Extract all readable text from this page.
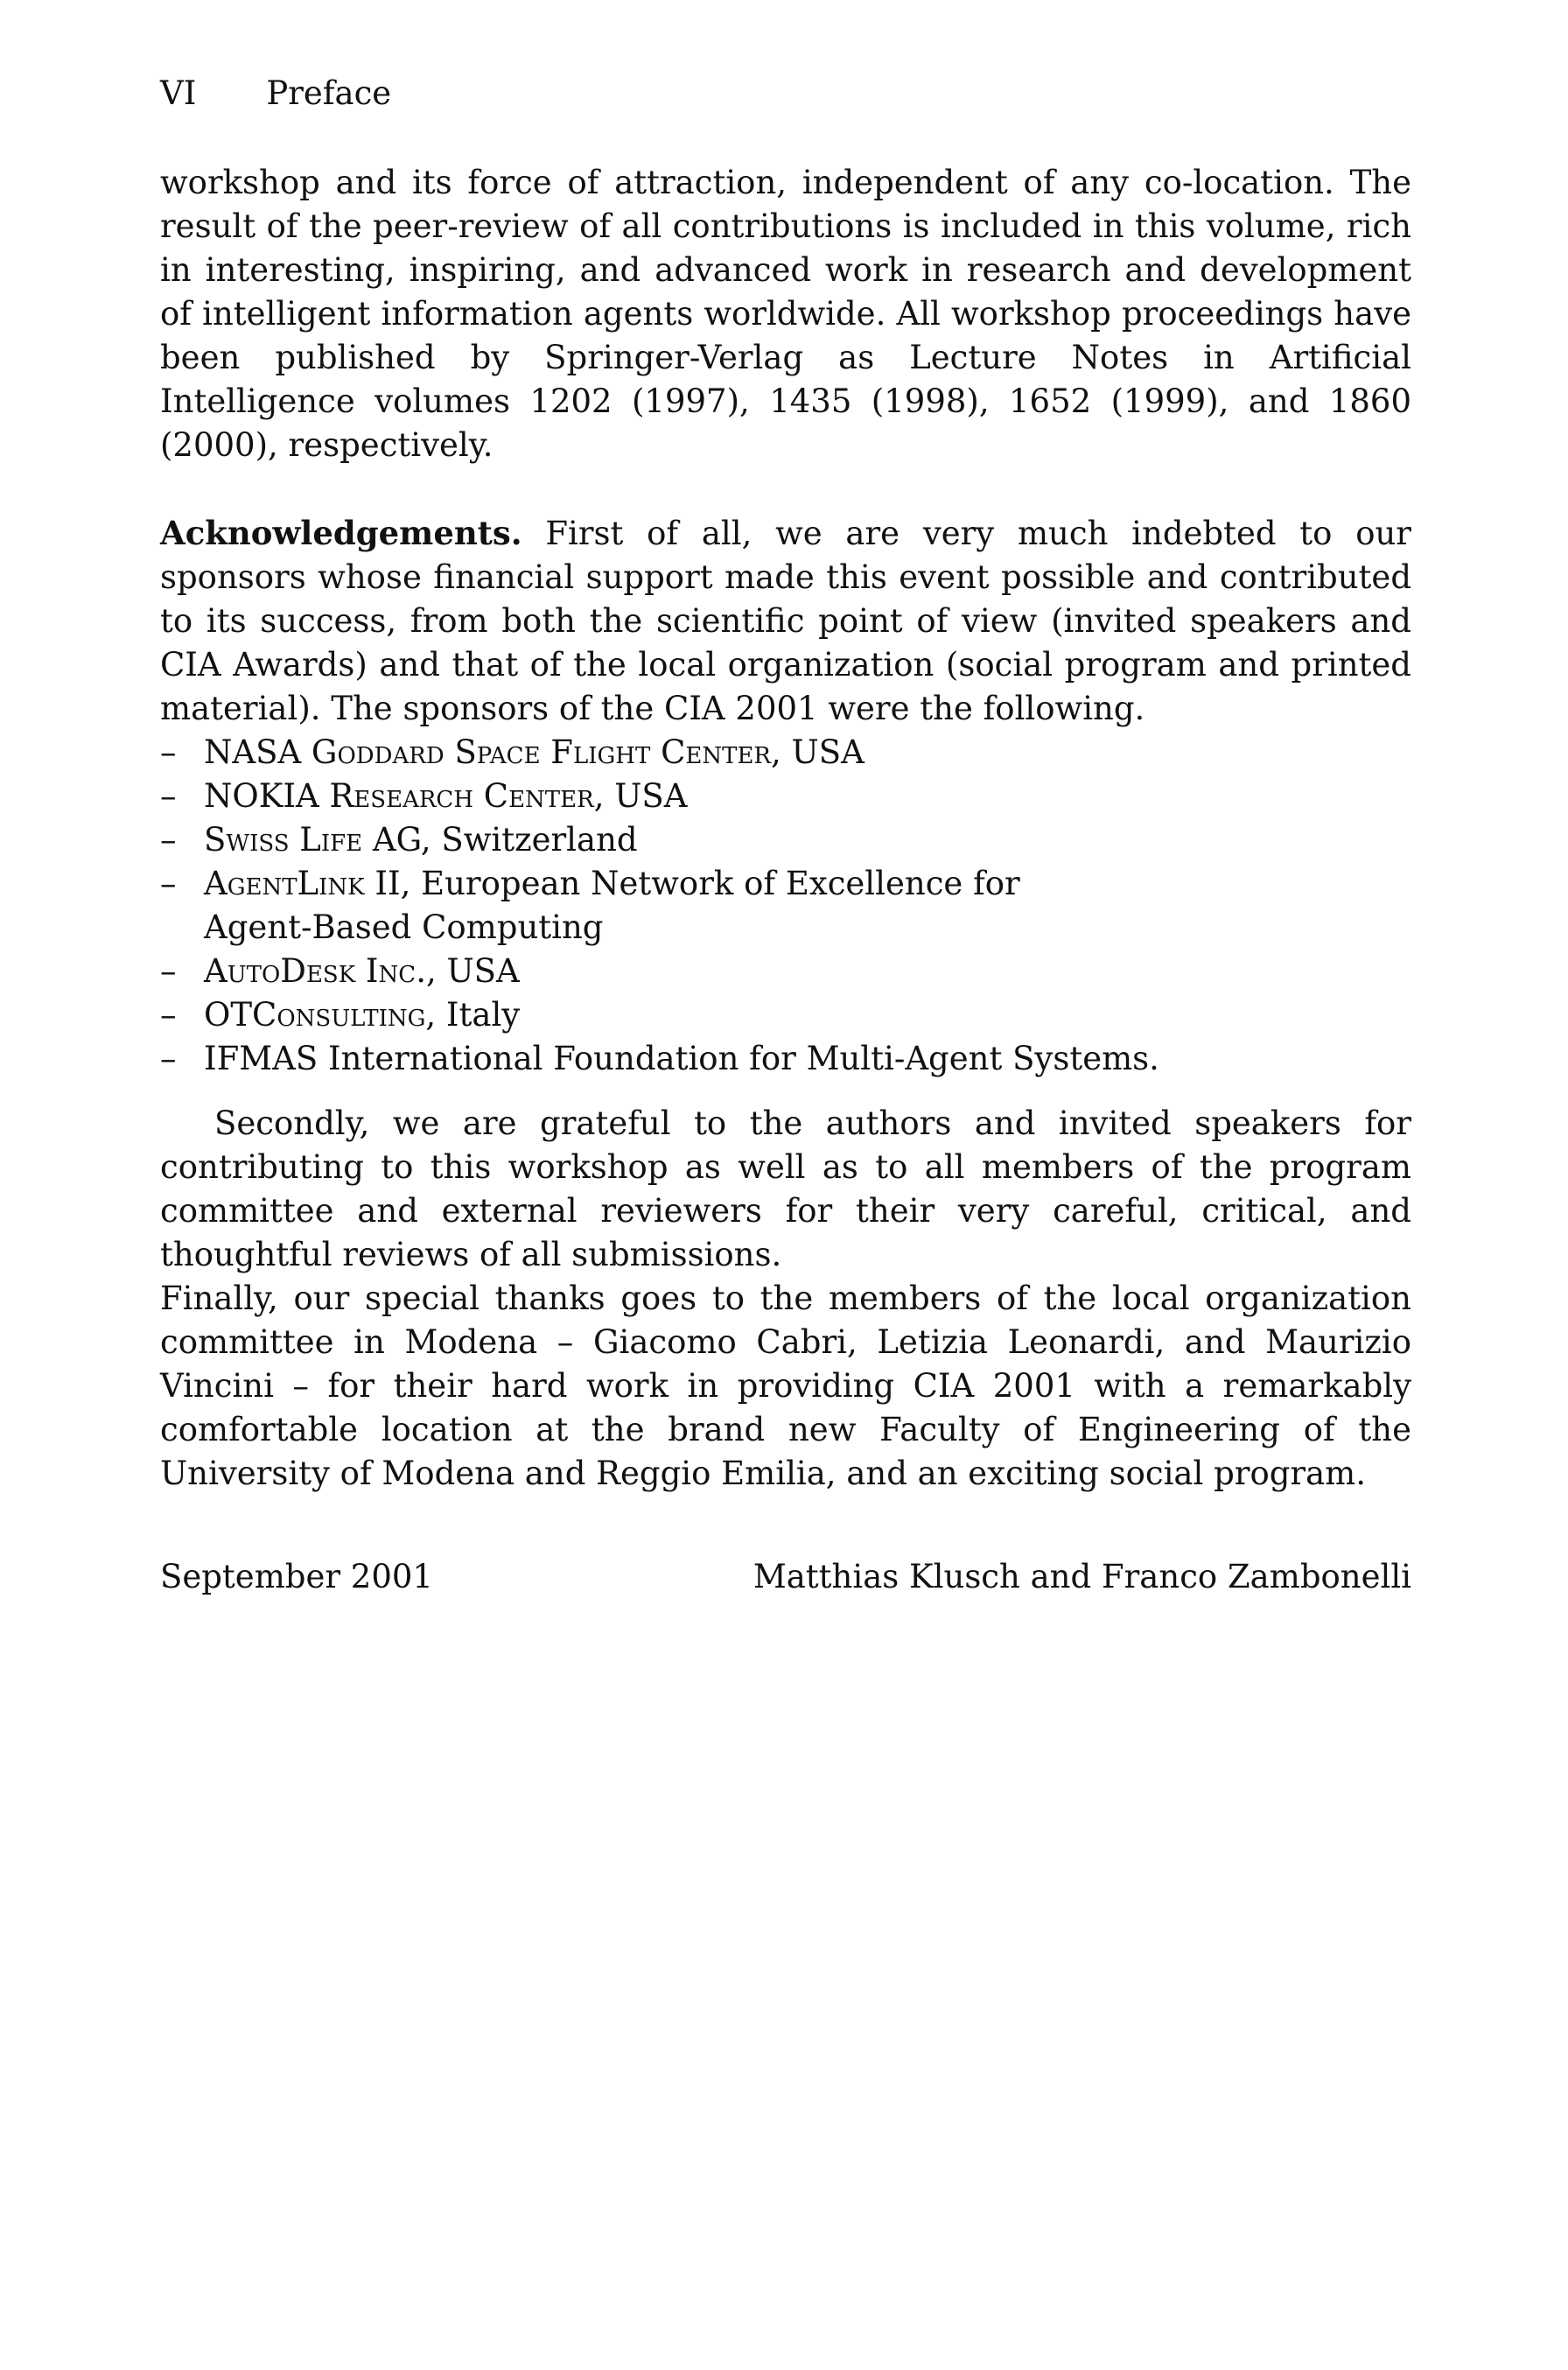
VI Preface

workshop and its force of attraction, independent of any co-location. The result of the peer-review of all contributions is included in this volume, rich in interesting, inspiring, and advanced work in research and development of intelligent information agents worldwide. All workshop proceedings have been published by Springer-Verlag as Lecture Notes in Artificial Intelligence volumes 1202 (1997), 1435 (1998), 1652 (1999), and 1860 (2000), respectively.

Acknowledgements. First of all, we are very much indebted to our sponsors whose financial support made this event possible and contributed to its success, from both the scientific point of view (invited speakers and CIA Awards) and that of the local organization (social program and printed material). The sponsors of the CIA 2001 were the following.

– NASA Goddard Space Flight Center, USA
– NOKIA Research Center, USA
– Swiss Life AG, Switzerland
– AgentLink II, European Network of Excellence for Agent-Based Computing
– AutoDesk Inc., USA
– OTConsulting, Italy
– IFMAS International Foundation for Multi-Agent Systems.

Secondly, we are grateful to the authors and invited speakers for contributing to this workshop as well as to all members of the program committee and external reviewers for their very careful, critical, and thoughtful reviews of all submissions.

Finally, our special thanks goes to the members of the local organization committee in Modena – Giacomo Cabri, Letizia Leonardi, and Maurizio Vincini – for their hard work in providing CIA 2001 with a remarkably comfortable location at the brand new Faculty of Engineering of the University of Modena and Reggio Emilia, and an exciting social program.

September 2001	Matthias Klusch and Franco Zambonelli
